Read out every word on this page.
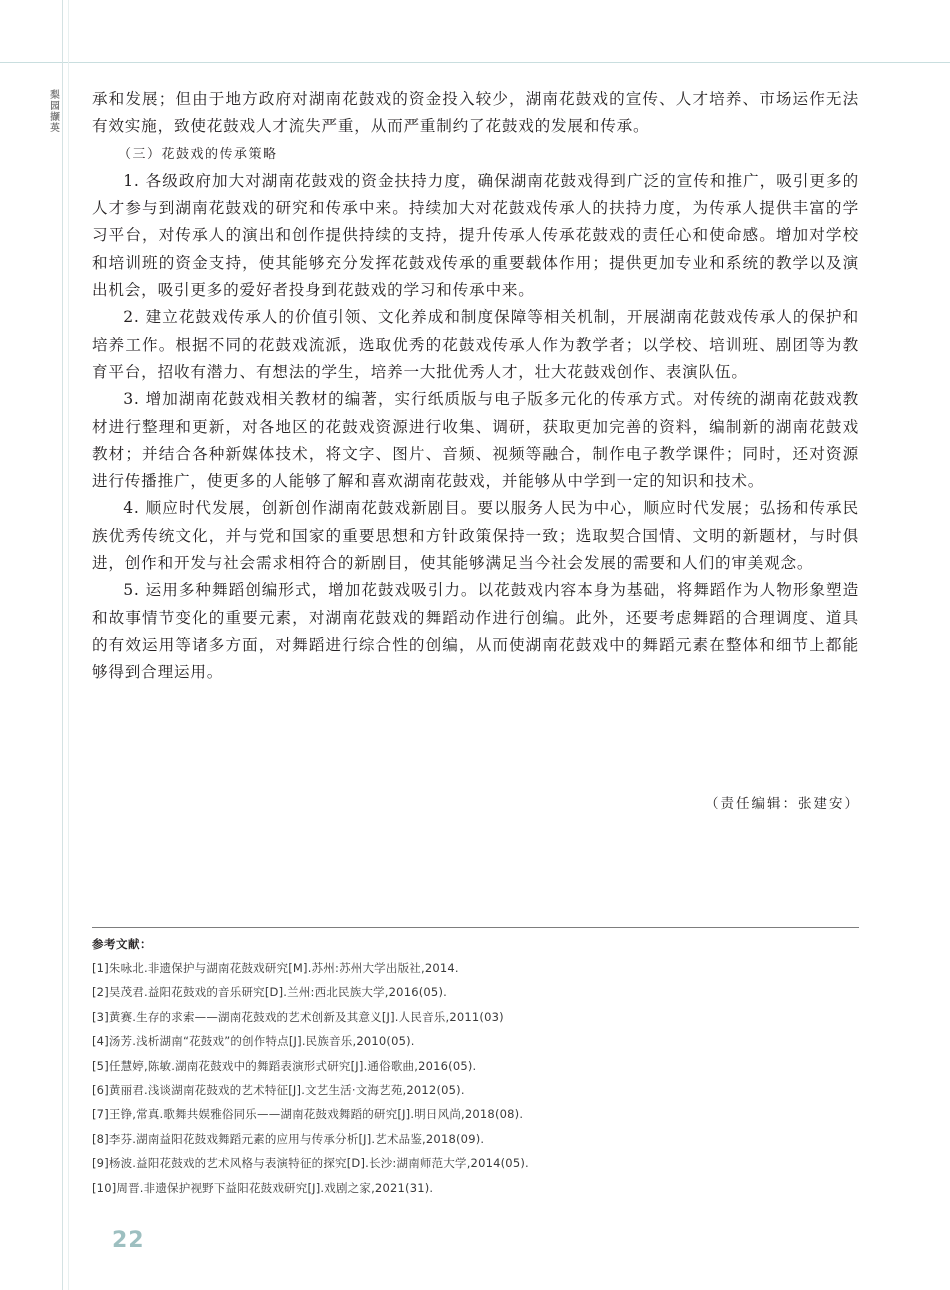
梨园撷英

承和发展；但由于地方政府对湖南花鼓戏的资金投入较少，湖南花鼓戏的宣传、人才培养、市场运作无法有效实施，致使花鼓戏人才流失严重，从而严重制约了花鼓戏的发展和传承。

（三）花鼓戏的传承策略

1. 各级政府加大对湖南花鼓戏的资金扶持力度，确保湖南花鼓戏得到广泛的宣传和推广，吸引更多的人才参与到湖南花鼓戏的研究和传承中来。持续加大对花鼓戏传承人的扶持力度，为传承人提供丰富的学习平台，对传承人的演出和创作提供持续的支持，提升传承人传承花鼓戏的责任心和使命感。增加对学校和培训班的资金支持，使其能够充分发挥花鼓戏传承的重要载体作用；提供更加专业和系统的教学以及演出机会，吸引更多的爱好者投身到花鼓戏的学习和传承中来。

2. 建立花鼓戏传承人的价值引领、文化养成和制度保障等相关机制，开展湖南花鼓戏传承人的保护和培养工作。根据不同的花鼓戏流派，选取优秀的花鼓戏传承人作为教学者；以学校、培训班、剧团等为教育平台，招收有潜力、有想法的学生，培养一大批优秀人才，壮大花鼓戏创作、表演队伍。

3. 增加湖南花鼓戏相关教材的编著，实行纸质版与电子版多元化的传承方式。对传统的湖南花鼓戏教材进行整理和更新，对各地区的花鼓戏资源进行收集、调研，获取更加完善的资料，编制新的湖南花鼓戏教材；并结合各种新媒体技术，将文字、图片、音频、视频等融合，制作电子教学课件；同时，还对资源进行传播推广，使更多的人能够了解和喜欢湖南花鼓戏，并能够从中学到一定的知识和技术。

4. 顺应时代发展，创新创作湖南花鼓戏新剧目。要以服务人民为中心，顺应时代发展；弘扬和传承民族优秀传统文化，并与党和国家的重要思想和方针政策保持一致；选取契合国情、文明的新题材，与时俱进，创作和开发与社会需求相符合的新剧目，使其能够满足当今社会发展的需要和人们的审美观念。

5. 运用多种舞蹈创编形式，增加花鼓戏吸引力。以花鼓戏内容本身为基础，将舞蹈作为人物形象塑造和故事情节变化的重要元素，对湖南花鼓戏的舞蹈动作进行创编。此外，还要考虑舞蹈的合理调度、道具的有效运用等诸多方面，对舞蹈进行综合性的创编，从而使湖南花鼓戏中的舞蹈元素在整体和细节上都能够得到合理运用。

（责任编辑：张建安）
参考文献：
[1]朱咏北.非遗保护与湖南花鼓戏研究[M].苏州:苏州大学出版社,2014.
[2]吴茂君.益阳花鼓戏的音乐研究[D].兰州:西北民族大学,2016(05).
[3]黄赛.生存的求索——湖南花鼓戏的艺术创新及其意义[J].人民音乐,2011(03)
[4]汤芳.浅析湖南“花鼓戏”的创作特点[J].民族音乐,2010(05).
[5]任慧婷,陈敏.湖南花鼓戏中的舞蹈表演形式研究[J].通俗歌曲,2016(05).
[6]黄丽君.浅谈湖南花鼓戏的艺术特征[J].文艺生活·文海艺苑,2012(05).
[7]王铮,常真.歌舞共娱雅俗同乐——湖南花鼓戏舞蹈的研究[J].明日风尚,2018(08).
[8]李芬.湖南益阳花鼓戏舞蹈元素的应用与传承分析[J].艺术品鉴,2018(09).
[9]杨波.益阳花鼓戏的艺术风格与表演特征的探究[D].长沙:湖南师范大学,2014(05).
[10]周晋.非遗保护视野下益阳花鼓戏研究[J].戏剧之家,2021(31).
22
